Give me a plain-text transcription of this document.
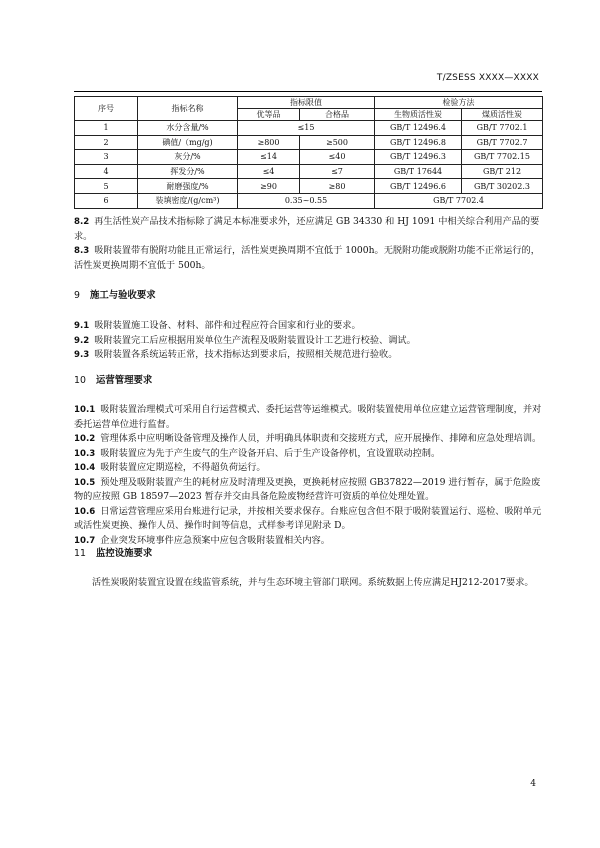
T/ZSESS XXXX—XXXX
序号	指标名称	指标限值		检验方法	
		优等品	合格品	生物质活性炭	煤质活性炭
1	水分含量/%	≤15		GB/T 12496.4	GB/T 7702.1
2	碘值/（mg/g)	≥800	≥500	GB/T 12496.8	GB/T 7702.7
3	灰分/%	≤14	≤40	GB/T 12496.3	GB/T 7702.15
4	挥发分/%	≤4	≤7	GB/T 17644	GB/T 212
5	耐磨强度/%	≥90	≥80	GB/T 12496.6	GB/T 30202.3
6	装填密度/(g/cm³)	0.35~0.55		GB/T 7702.4	

8.2 再生活性炭产品技术指标除了满足本标准要求外，还应满足 GB 34330 和 HJ 1091 中相关综合利用产品的要求。

8.3 吸附装置带有脱附功能且正常运行，活性炭更换周期不宜低于 1000h。无脱附功能或脱附功能不正常运行的，活性炭更换周期不宜低于 500h。

9 施工与验收要求

9.1 吸附装置施工设备、材料、部件和过程应符合国家和行业的要求。

9.2 吸附装置完工后应根据用炭单位生产流程及吸附装置设计工艺进行校验、调试。

9.3 吸附装置各系统运转正常，技术指标达到要求后，按照相关规范进行验收。

10 运营管理要求

10.1 吸附装置治理模式可采用自行运营模式、委托运营等运维模式。吸附装置使用单位应建立运营管理制度，并对委托运营单位进行监督。

10.2 管理体系中应明晰设备管理及操作人员，并明确具体职责和交接班方式，应开展操作、排障和应急处理培训。

10.3 吸附装置应为先于产生废气的生产设备开启、后于生产设备停机，宜设置联动控制。

10.4 吸附装置应定期巡检，不得超负荷运行。

10.5 预处理及吸附装置产生的耗材应及时清理及更换，更换耗材应按照 GB37822—2019 进行暂存，属于危险废物的应按照 GB 18597—2023 暂存并交由具备危险废物经营许可资质的单位处理处置。

10.6 日常运营管理应采用台账进行记录，并按相关要求保存。台账应包含但不限于吸附装置运行、巡检、吸附单元或活性炭更换、操作人员、操作时间等信息，式样参考详见附录 D。

10.7 企业突发环境事件应急预案中应包含吸附装置相关内容。

11 监控设施要求

活性炭吸附装置宜设置在线监管系统，并与生态环境主管部门联网。系统数据上传应满足HJ212-2017要求。

4
